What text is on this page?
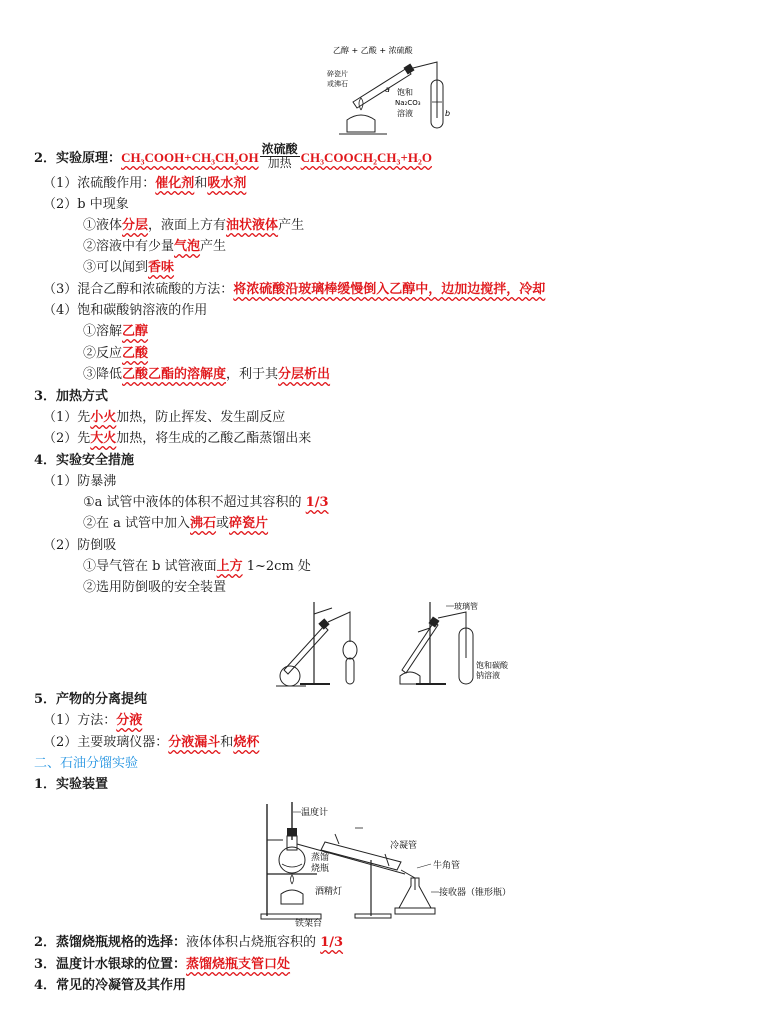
乙醇 + 乙酸 + 浓硫酸
碎瓷片
或沸石
a 饱和
Na₂CO₃
溶液	b
2．实验原理：CH₃COOH+CH₃CH₂OH
浓硫酸
加热 CH₃COOCH₂CH₃+H₂O
（1）浓硫酸作用：催化剂和吸水剂
（2）b 中现象
①液体分层，液面上方有油状液体产生
②溶液中有少量气泡产生
③可以闻到香味
（3）混合乙醇和浓硫酸的方法：将浓硫酸沿玻璃棒缓慢倒入乙醇中，边加边搅拌，冷却
（4）饱和碳酸钠溶液的作用
①溶解乙醇
②反应乙酸
③降低乙酸乙酯的溶解度，利于其分层析出
3．加热方式
（1）先小火加热，防止挥发、发生副反应
（2）先大火加热，将生成的乙酸乙酯蒸馏出来
4．实验安全措施
（1）防暴沸
①a 试管中液体的体积不超过其容积的 1/3
②在 a 试管中加入沸石或碎瓷片
（2）防倒吸
①导气管在 b 试管液面上方 1~2cm 处
②选用防倒吸的安全装置
玻璃管
饱和碳酸
钠溶液
5．产物的分离提纯
（1）方法：分液
（2）主要玻璃仪器：分液漏斗和烧杯
二、石油分馏实验
1．实验装置
温度计
蒸馏
烧瓶
酒精灯
冷凝管
牛角管
接收器（锥形瓶）
铁架台
2．蒸馏烧瓶规格的选择：液体体积占烧瓶容积的 1/3
3．温度计水银球的位置：蒸馏烧瓶支管口处
4．常见的冷凝管及其作用
